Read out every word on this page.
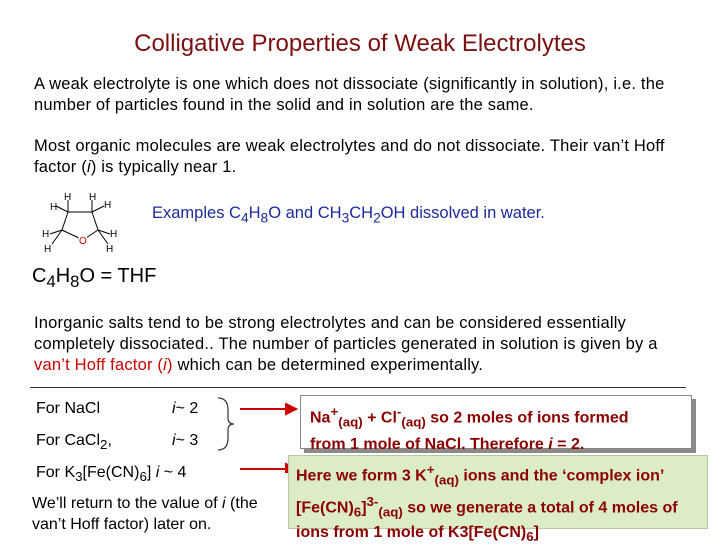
Colligative Properties of Weak Electrolytes
A weak electrolyte is one which does not dissociate (significantly in solution), i.e. the number of particles found in the solid and in solution are the same.
Most organic molecules are weak electrolytes and do not dissociate. Their van’t Hoff factor (i) is typically near 1.
H
H
H
H
H
H
H
H
O
Examples $C_4H_8O$ and $CH_3CH_2OH$ dissolved in water.
$C_4H_8O$ = THF
Inorganic salts tend to be strong electrolytes and can be considered essentially completely dissociated.. The number of particles generated in solution is given by a van’t Hoff factor (i) which can be determined experimentally.
For NaCl	i~ 2
For CaCl$_2$,	i~ 3
For $K_3[Fe(CN)_6]$ i ~ 4
We’ll return to the value of i (the van’t Hoff factor) later on.
$Na^+_{(aq)} + Cl^-_{(aq)}$ so 2 moles of ions formed
from 1 mole of NaCl. Therefore i = 2.
Here we form 3 $K^+_{(aq)}$ ions and the ‘complex ion’
$[Fe(CN)_6]^{3-}_{(aq)}$ so we generate a total of 4 moles of
ions from 1 mole of $K3[Fe(CN)_6]$
